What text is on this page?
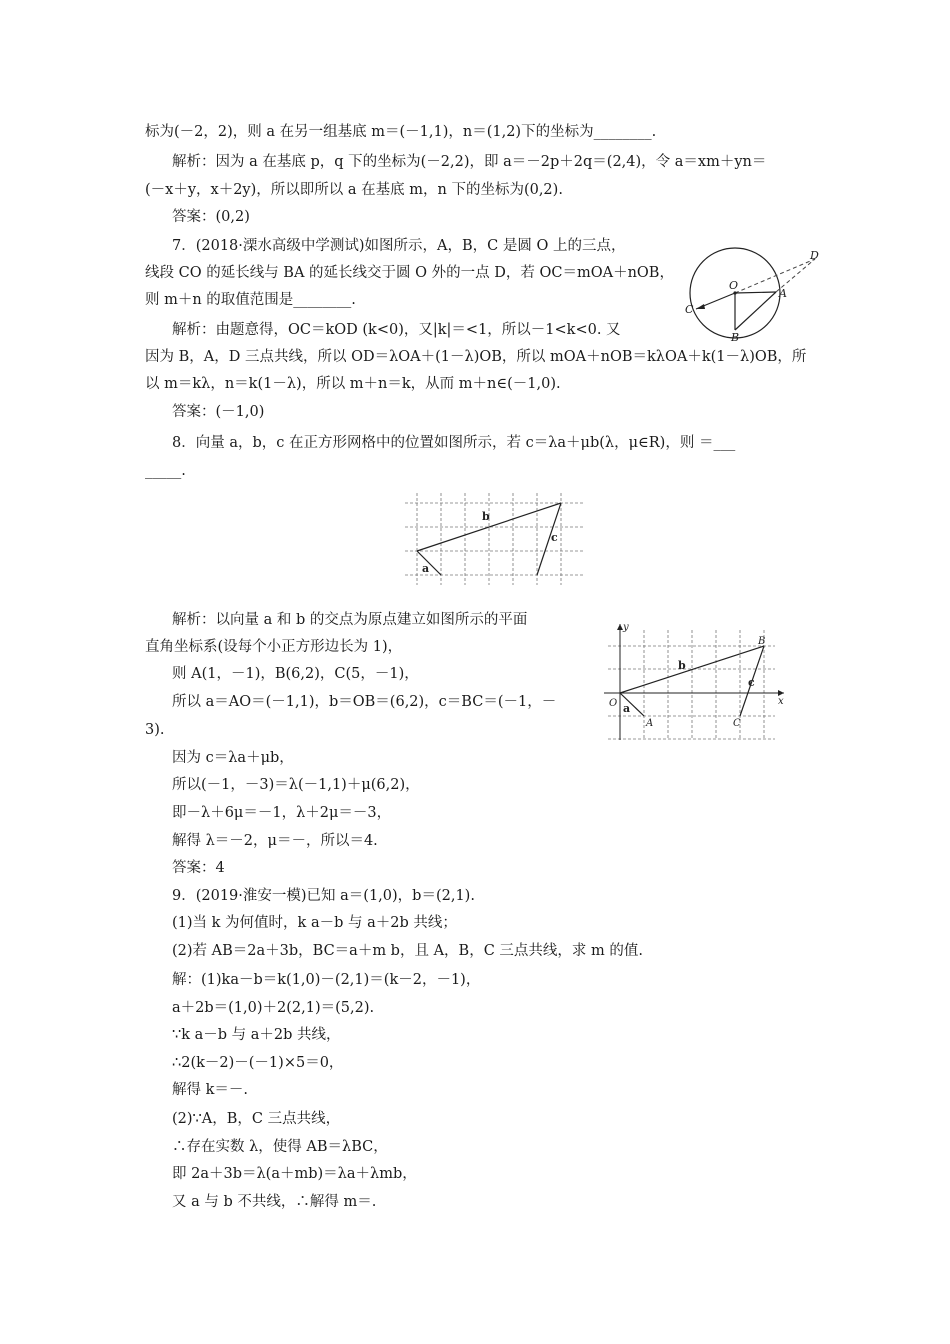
标为(－2，2)，则 a 在另一组基底 m＝(－1,1)，n＝(1,2)下的坐标为________.
解析：因为 a 在基底 p，q 下的坐标为(－2,2)，即 a＝－2p＋2q＝(2,4)，令 a＝xm＋yn＝
(－x＋y，x＋2y)，所以即所以 a 在基底 m，n 下的坐标为(0,2).
答案：(0,2)
7．(2018·溧水高级中学测试)如图所示，A，B，C 是圆 O 上的三点，
线段 CO 的延长线与 BA 的延长线交于圆 O 外的一点 D，若 OC＝mOA＋nOB，
则 m＋n 的取值范围是________.
解析：由题意得，OC＝kOD (k<0)，又|k|＝<1，所以－1<k<0. 又
因为 B，A，D 三点共线，所以 OD＝λOA＋(1－λ)OB，所以 mOA＋nOB＝kλOA＋k(1－λ)OB，所
以 m＝kλ，n＝k(1－λ)，所以 m＋n＝k，从而 m＋n∈(－1,0).
答案：(－1,0)
8．向量 a，b，c 在正方形网格中的位置如图所示，若 c＝λa＋μb(λ，μ∈R)，则 ＝___
_____.
解析：以向量 a 和 b 的交点为原点建立如图所示的平面
直角坐标系(设每个小正方形边长为 1)，
则 A(1，－1)，B(6,2)，C(5，－1)，
所以 a＝AO＝(－1,1)，b＝OB＝(6,2)，c＝BC＝(－1，－
3).
因为 c＝λa＋μb，
所以(－1，－3)＝λ(－1,1)＋μ(6,2)，
即－λ＋6μ＝－1，λ＋2μ＝－3，
解得 λ＝－2，μ＝－，所以＝4.
答案：4
9．(2019·淮安一模)已知 a＝(1,0)，b＝(2,1).
(1)当 k 为何值时，k a－b 与 a＋2b 共线；
(2)若 AB＝2a＋3b，BC＝a＋m b，且 A，B，C 三点共线，求 m 的值.
解：(1)ka－b＝k(1,0)－(2,1)＝(k－2，－1)，
a＋2b＝(1,0)＋2(2,1)＝(5,2).
∵k a－b 与 a＋2b 共线，
∴2(k－2)－(－1)×5＝0，
解得 k＝－.
(2)∵A，B，C 三点共线，
∴存在实数 λ，使得 AB＝λBC，
即 2a＋3b＝λ(a＋mb)＝λa＋λmb，
又 a 与 b 不共线，∴解得 m＝.
D
O
A
C
B
b
c
a
y
x
O
B
b
c
a
A	C
